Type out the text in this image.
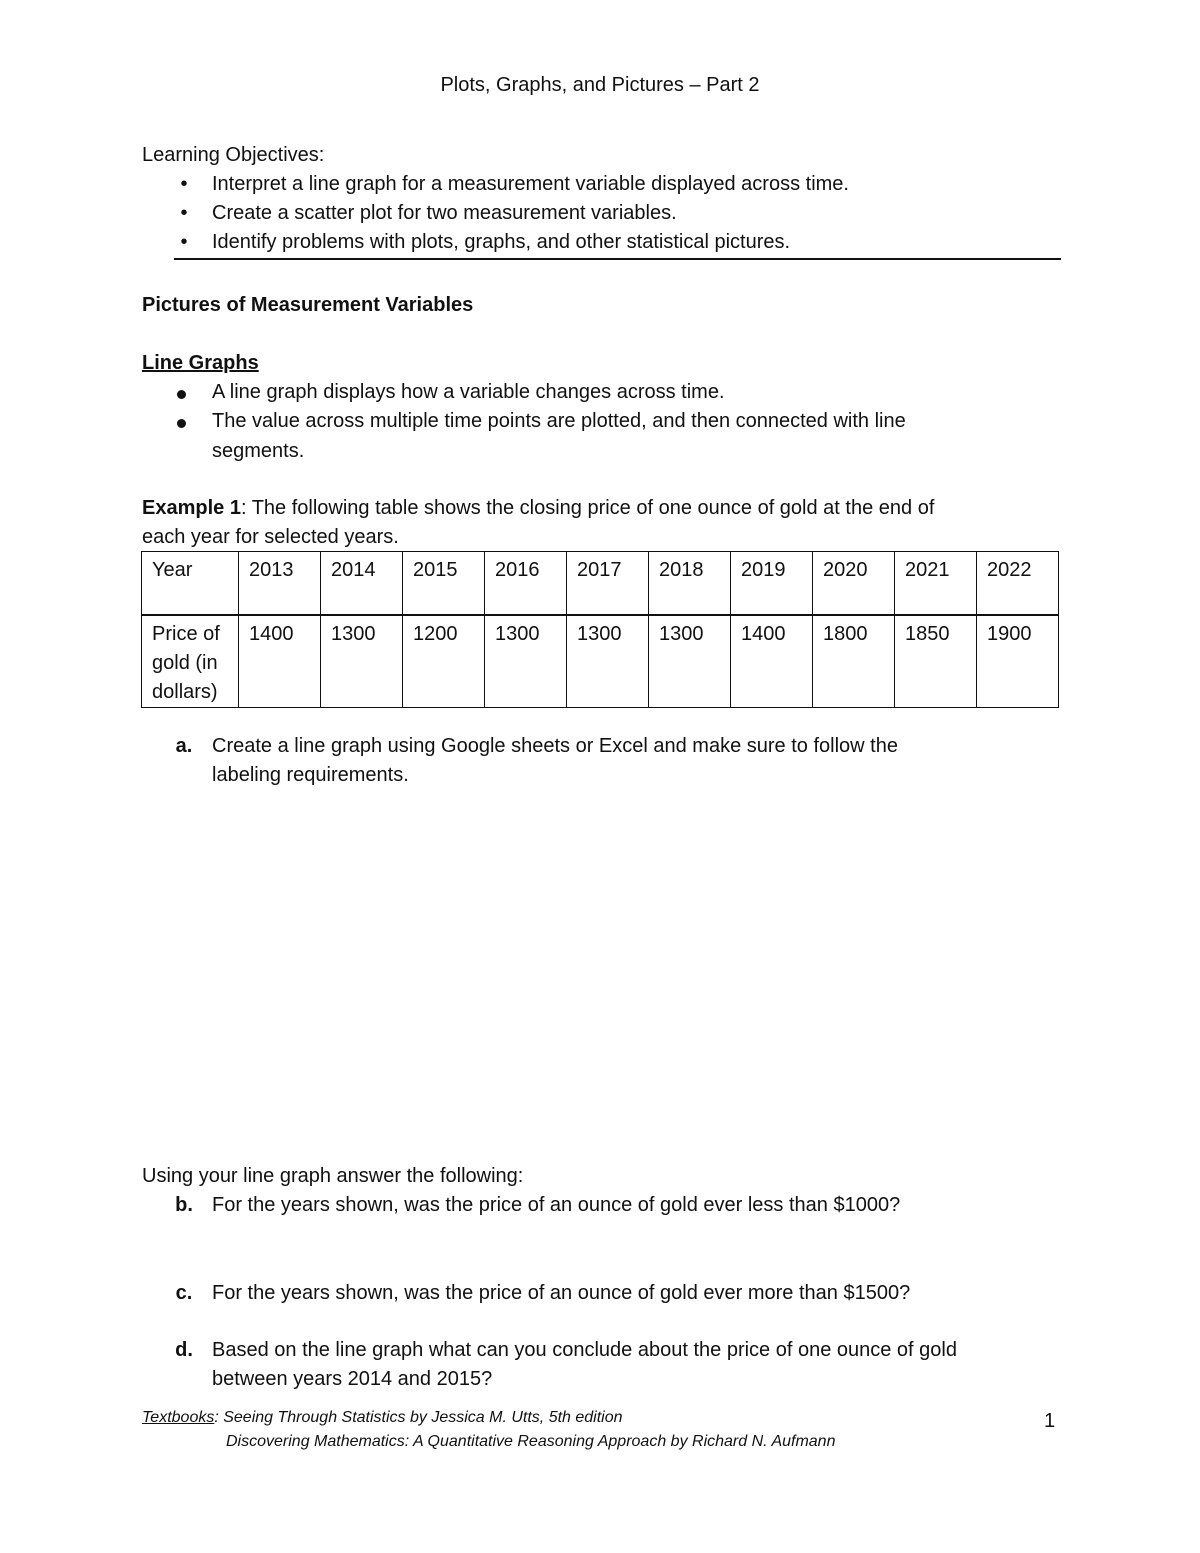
Plots, Graphs, and Pictures – Part 2
Learning Objectives:
•	Interpret a line graph for a measurement variable displayed across time.
•	Create a scatter plot for two measurement variables.
•	Identify problems with plots, graphs, and other statistical pictures.
Pictures of Measurement Variables
Line Graphs
A line graph displays how a variable changes across time.
The value across multiple time points are plotted, and then connected with line
segments.
Example 1: The following table shows the closing price of one ounce of gold at the end of
each year for selected years.
Year	2013	2014	2015	2016	2017	2018	2019	2020	2021	2022

Price of
gold (in
dollars)	1400	1300	1200	1300	1300	1300	1400	1800	1850	1900
a. Create a line graph using Google sheets or Excel and make sure to follow the
labeling requirements.
Using your line graph answer the following:
b. For the years shown, was the price of an ounce of gold ever less than $1000?
c. For the years shown, was the price of an ounce of gold ever more than $1500?
d. Based on the line graph what can you conclude about the price of one ounce of gold
between years 2014 and 2015?
Textbooks: Seeing Through Statistics by Jessica M. Utts, 5th edition
Discovering Mathematics: A Quantitative Reasoning Approach by Richard N. Aufmann
1
